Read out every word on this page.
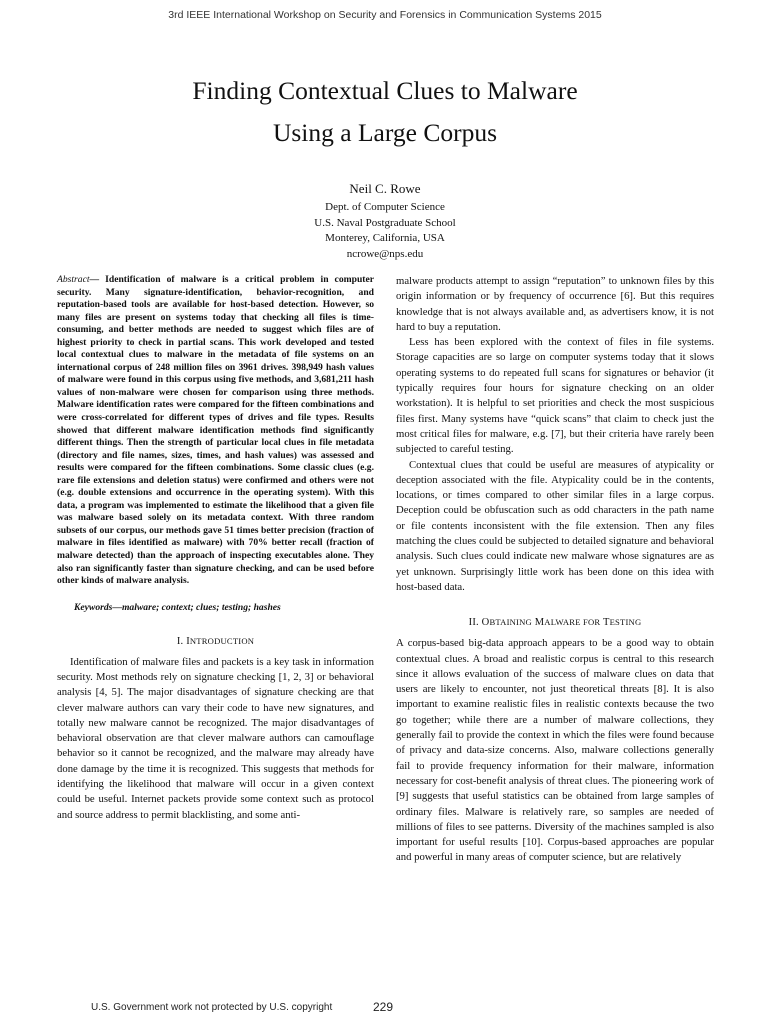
3rd IEEE International Workshop on Security and Forensics in Communication Systems 2015
Finding Contextual Clues to Malware
Using a Large Corpus
Neil C. Rowe
Dept. of Computer Science
U.S. Naval Postgraduate School
Monterey, California, USA
ncrowe@nps.edu

Abstract— Identification of malware is a critical problem in computer security. Many signature-identification, behavior-recognition, and reputation-based tools are available for host-based detection. However, so many files are present on systems today that checking all files is time-consuming, and better methods are needed to suggest which files are of highest priority to check in partial scans. This work developed and tested local contextual clues to malware in the metadata of file systems on an international corpus of 248 million files on 3961 drives. 398,949 hash values of malware were found in this corpus using five methods, and 3,681,211 hash values of non-malware were chosen for comparison using three methods. Malware identification rates were compared for the fifteen combinations and were cross-correlated for different types of drives and file types. Results showed that different malware identification methods find significantly different things. Then the strength of particular local clues in file metadata (directory and file names, sizes, times, and hash values) was assessed and results were compared for the fifteen combinations. Some classic clues (e.g. rare file extensions and deletion status) were confirmed and others were not (e.g. double extensions and occurrence in the operating system). With this data, a program was implemented to estimate the likelihood that a given file was malware based solely on its metadata context. With three random subsets of our corpus, our methods gave 51 times better precision (fraction of malware in files identified as malware) with 70% better recall (fraction of malware detected) than the approach of inspecting executables alone. They also ran significantly faster than signature checking, and can be used before other kinds of malware analysis.

Keywords—malware; context; clues; testing; hashes
I. INTRODUCTION

Identification of malware files and packets is a key task in information security. Most methods rely on signature checking [1, 2, 3] or behavioral analysis [4, 5]. The major disadvantages of signature checking are that clever malware authors can vary their code to have new signatures, and totally new malware cannot be recognized. The major disadvantages of behavioral observation are that clever malware authors can camouflage behavior so it cannot be recognized, and the malware may already have done damage by the time it is recognized. This suggests that methods for identifying the likelihood that malware will occur in a given context could be useful. Internet packets provide some context such as protocol and source address to permit blacklisting, and some anti-

malware products attempt to assign “reputation” to unknown files by this origin information or by frequency of occurrence [6]. But this requires knowledge that is not always available and, as advertisers know, it is not hard to buy a reputation.

Less has been explored with the context of files in file systems. Storage capacities are so large on computer systems today that it slows operating systems to do repeated full scans for signatures or behavior (it typically requires four hours for signature checking on an older workstation). It is helpful to set priorities and check the most suspicious files first. Many systems have “quick scans” that claim to check just the most critical files for malware, e.g. [7], but their criteria have rarely been subjected to careful testing.

Contextual clues that could be useful are measures of atypicality or deception associated with the file. Atypicality could be in the contents, locations, or times compared to other similar files in a large corpus. Deception could be obfuscation such as odd characters in the path name or file contents inconsistent with the file extension. Then any files matching the clues could be subjected to detailed signature and behavioral analysis. Such clues could indicate new malware whose signatures are as yet unknown. Surprisingly little work has been done on this idea with host-based data.

II. OBTAINING MALWARE FOR TESTING

A corpus-based big-data approach appears to be a good way to obtain contextual clues. A broad and realistic corpus is central to this research since it allows evaluation of the success of malware clues on data that users are likely to encounter, not just theoretical threats [8]. It is also important to examine realistic files in realistic contexts because the two go together; while there are a number of malware collections, they generally fail to provide the context in which the files were found because of privacy and data-size concerns. Also, malware collections generally fail to provide frequency information for their malware, information necessary for cost-benefit analysis of threat clues. The pioneering work of [9] suggests that useful statistics can be obtained from large samples of ordinary files. Malware is relatively rare, so samples are needed of millions of files to see patterns. Diversity of the machines sampled is also important for useful results [10]. Corpus-based approaches are popular and powerful in many areas of computer science, but are relatively

U.S. Government work not protected by U.S. copyright	229
